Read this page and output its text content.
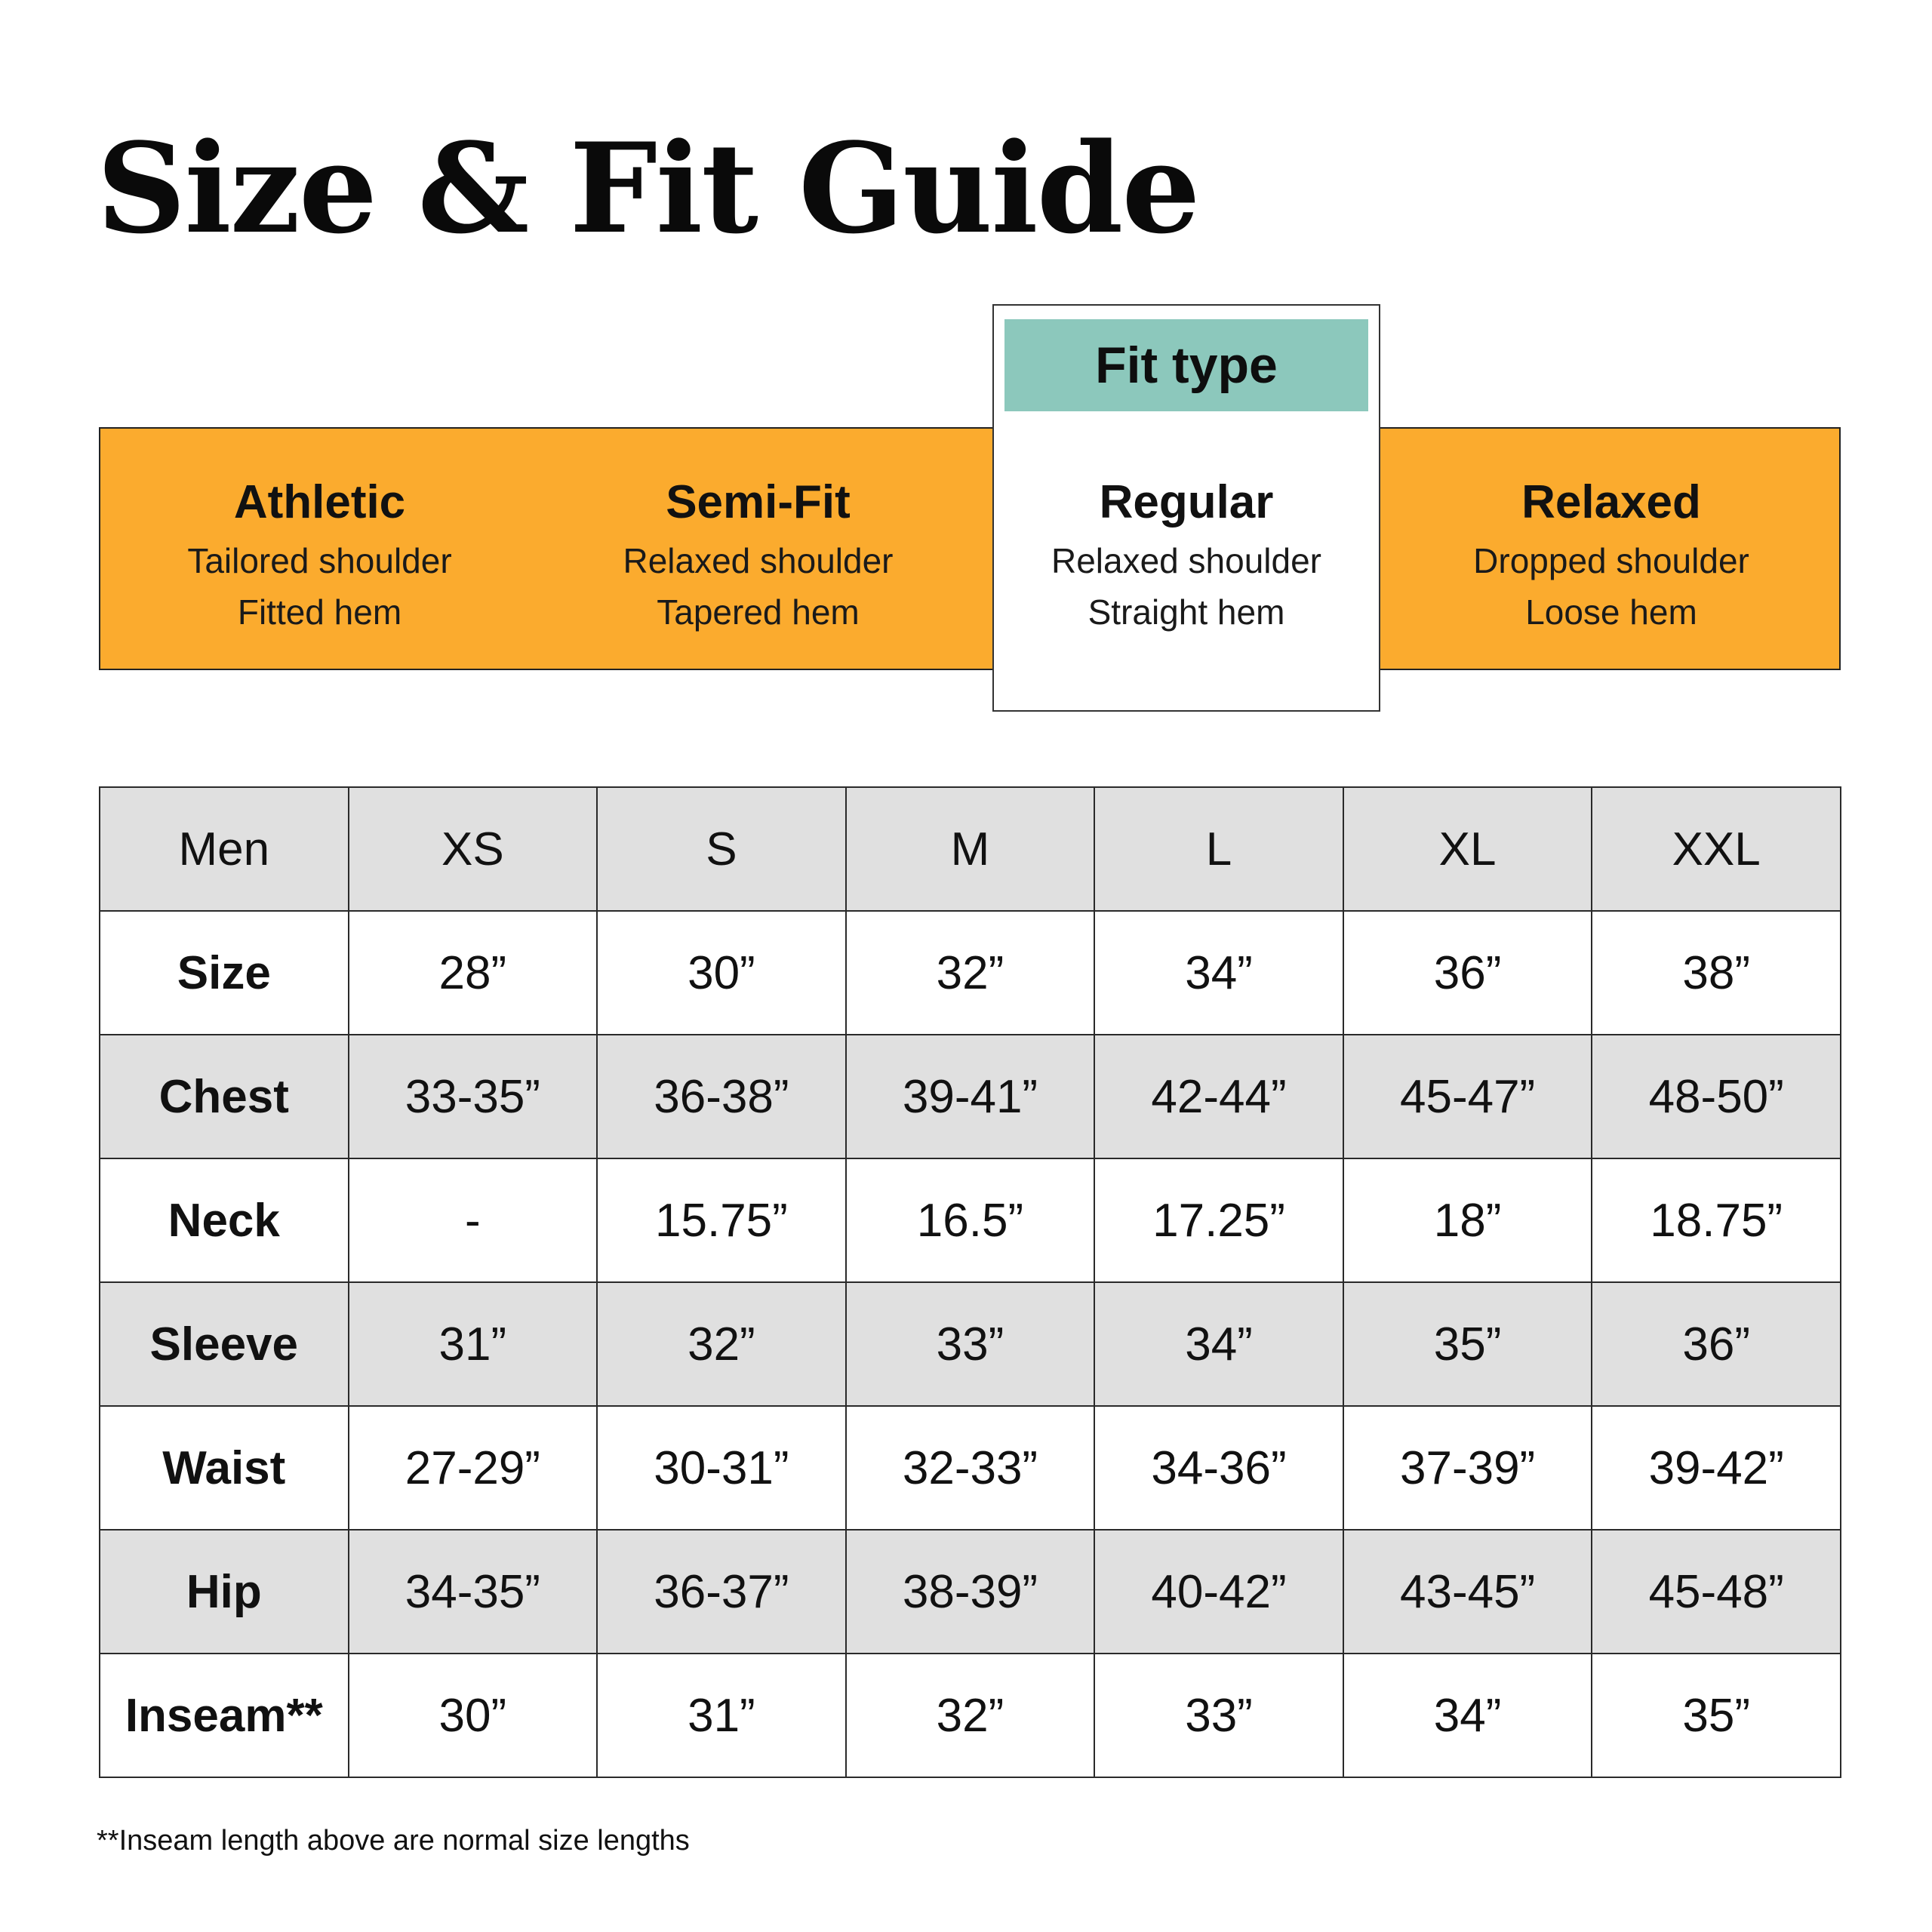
Size & Fit Guide
Athletic
Tailored shoulder
Fitted hem
Semi-Fit
Relaxed shoulder
Tapered hem
Relaxed
Dropped shoulder
Loose hem
Fit type
Regular
Relaxed shoulder
Straight hem
Men	XS	S	M	L	XL	XXL
Size	28”	30”	32”	34”	36”	38”
Chest	33-35”	36-38”	39-41”	42-44”	45-47”	48-50”
Neck	-	15.75”	16.5”	17.25”	18”	18.75”
Sleeve	31”	32”	33”	34”	35”	36”
Waist	27-29”	30-31”	32-33”	34-36”	37-39”	39-42”
Hip	34-35”	36-37”	38-39”	40-42”	43-45”	45-48”
Inseam**	30”	31”	32”	33”	34”	35”

**Inseam length above are normal size lengths
